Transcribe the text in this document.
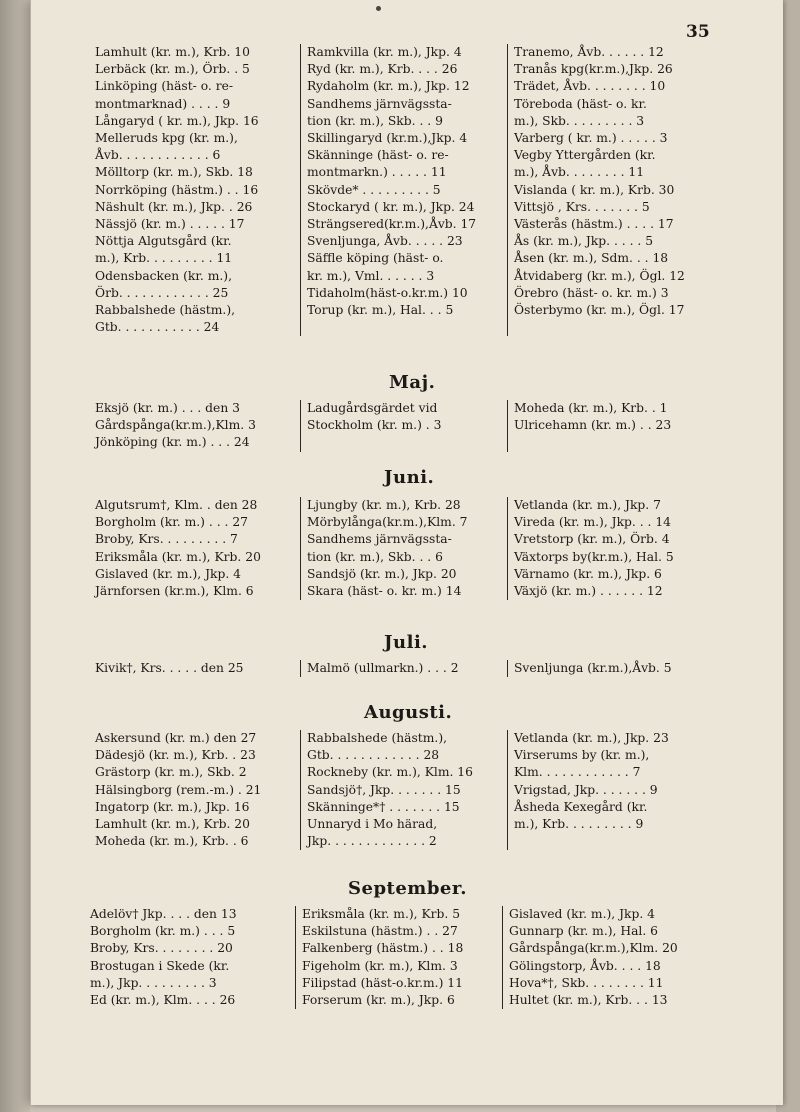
35
Lamhult (kr. m.), Krb. 10
Lerbäck (kr. m.), Örb. . 5
Linköping (häst- o. re-
montmarknad) . . . . 9
Långaryd ( kr. m.), Jkp. 16
Melleruds kpg (kr. m.),
Åvb. . . . . . . . . . . . 6
Mölltorp (kr. m.), Skb. 18
Norrköping (hästm.) . . 16
Näshult (kr. m.), Jkp. . 26
Nässjö (kr. m.) . . . . . 17
Nöttja Algutsgård (kr.
m.), Krb. . . . . . . . . 11
Odensbacken (kr. m.),
Örb. . . . . . . . . . . . 25
Rabbalshede (hästm.),
Gtb. . . . . . . . . . . 24
Ramkvilla (kr. m.), Jkp. 4
Ryd (kr. m.), Krb. . . . 26
Rydaholm (kr. m.), Jkp. 12
Sandhems järnvägssta-
tion (kr. m.), Skb. . . 9
Skillingaryd (kr.m.),Jkp. 4
Skänninge (häst- o. re-
montmarkn.) . . . . . 11
Skövde* . . . . . . . . . 5
Stockaryd ( kr. m.), Jkp. 24
Strängsered(kr.m.),Åvb. 17
Svenljunga, Åvb. . . . . 23
Säffle köping (häst- o.
kr. m.), Vml. . . . . . 3
Tidaholm(häst-o.kr.m.) 10
Torup (kr. m.), Hal. . . 5
Tranemo, Åvb. . . . . . 12
Tranås kpg(kr.m.),Jkp. 26
Trädet, Åvb. . . . . . . . 10
Töreboda (häst- o. kr.
m.), Skb. . . . . . . . . 3
Varberg ( kr. m.) . . . . . 3
Vegby Yttergården (kr.
m.), Åvb. . . . . . . . 11
Vislanda ( kr. m.), Krb. 30
Vittsjö , Krs. . . . . . . 5
Västerås (hästm.) . . . . 17
Ås (kr. m.), Jkp. . . . . 5
Åsen (kr. m.), Sdm. . . 18
Åtvidaberg (kr. m.), Ögl. 12
Örebro (häst- o. kr. m.) 3
Österbymo (kr. m.), Ögl. 17
Maj.
Eksjö (kr. m.) . . . den 3
Gårdspånga(kr.m.),Klm. 3
Jönköping (kr. m.) . . . 24
Ladugårdsgärdet vid
Stockholm (kr. m.) . 3
Moheda (kr. m.), Krb. . 1
Ulricehamn (kr. m.) . . 23
Juni.
Algutsrum†, Klm. . den 28
Borgholm (kr. m.) . . . 27
Broby, Krs. . . . . . . . . 7
Eriksmåla (kr. m.), Krb. 20
Gislaved (kr. m.), Jkp. 4
Järnforsen (kr.m.), Klm. 6
Ljungby (kr. m.), Krb. 28
Mörbylånga(kr.m.),Klm. 7
Sandhems järnvägssta-
tion (kr. m.), Skb. . . 6
Sandsjö (kr. m.), Jkp. 20
Skara (häst- o. kr. m.) 14
Vetlanda (kr. m.), Jkp. 7
Vireda (kr. m.), Jkp. . . 14
Vretstorp (kr. m.), Örb. 4
Växtorps by(kr.m.), Hal. 5
Värnamo (kr. m.), Jkp. 6
Växjö (kr. m.) . . . . . . 12
Juli.
Kivik†, Krs. . . . . den 25	Malmö (ullmarkn.) . . . 2	Svenljunga (kr.m.),Åvb. 5
Augusti.
Askersund (kr. m.) den 27
Dädesjö (kr. m.), Krb. . 23
Grästorp (kr. m.), Skb. 2
Hälsingborg (rem.-m.) . 21
Ingatorp (kr. m.), Jkp. 16
Lamhult (kr. m.), Krb. 20
Moheda (kr. m.), Krb. . 6
Rabbalshede (hästm.),
Gtb. . . . . . . . . . . . 28
Rockneby (kr. m.), Klm. 16
Sandsjö†, Jkp. . . . . . . 15
Skänninge*† . . . . . . . 15
Unnaryd i Mo härad,
Jkp. . . . . . . . . . . . . 2
Vetlanda (kr. m.), Jkp. 23
Virserums by (kr. m.),
Klm. . . . . . . . . . . . 7
Vrigstad, Jkp. . . . . . . 9
Åsheda Kexegård (kr.
m.), Krb. . . . . . . . . 9
September.
Adelöv† Jkp. . . . den 13
Borgholm (kr. m.) . . . 5
Broby, Krs. . . . . . . . 20
Brostugan i Skede (kr.
m.), Jkp. . . . . . . . . 3
Ed (kr. m.), Klm. . . . 26
Eriksmåla (kr. m.), Krb. 5
Eskilstuna (hästm.) . . 27
Falkenberg (hästm.) . . 18
Figeholm (kr. m.), Klm. 3
Filipstad (häst-o.kr.m.) 11
Forserum (kr. m.), Jkp. 6
Gislaved (kr. m.), Jkp. 4
Gunnarp (kr. m.), Hal. 6
Gårdspånga(kr.m.),Klm. 20
Gölingstorp, Åvb. . . . 18
Hova*†, Skb. . . . . . . . 11
Hultet (kr. m.), Krb. . . 13
